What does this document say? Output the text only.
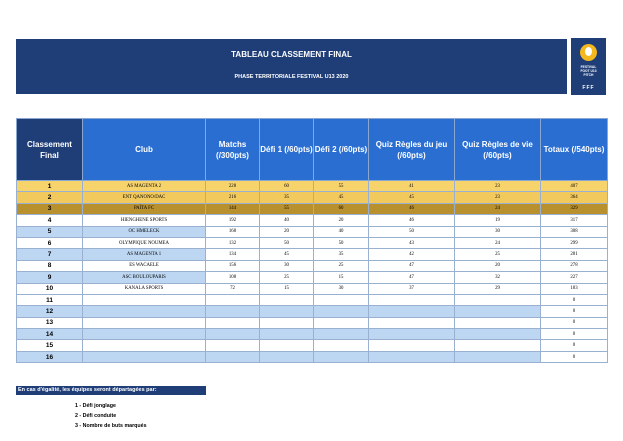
TABLEAU CLASSEMENT FINAL
PHASE TERRITORIALE FESTIVAL U13 2020
FESTIVAL
FOOT U13
PITCH
FFF
Classement Final	Club	Matchs (/300pts)	Défi 1 (/60pts)	Défi 2 (/60pts)	Quiz Règles du jeu (/60pts)	Quiz Règles de vie (/60pts)	Totaux (/540pts)
1	AS MAGENTA 2	228	60	55	41	23	407
2	ENT QANONO/DAC	216	35	45	45	23	364
3	PAÏTA FC	144	55	60	46	24	329
4	HIENGHENE SPORTS	192	40	20	46	19	317
5	OC HMELECK	168	20	40	50	30	308
6	OLYMPIQUE NOUMEA	132	50	50	43	24	299
7	AS MAGENTA 1	134	45	35	42	25	281
8	ES WACAELE	156	30	25	47	20	278
9	ASC BOULOUPARIS	108	25	15	47	32	227
10	KANALA SPORTS	72	15	30	37	29	183
11							0
12							0
13							0
14							0
15							0
16							0
En cas d'égalité, les équipes seront départagées par:
1 - Défi jonglage
2 - Défi conduite
3 - Nombre de buts marqués
